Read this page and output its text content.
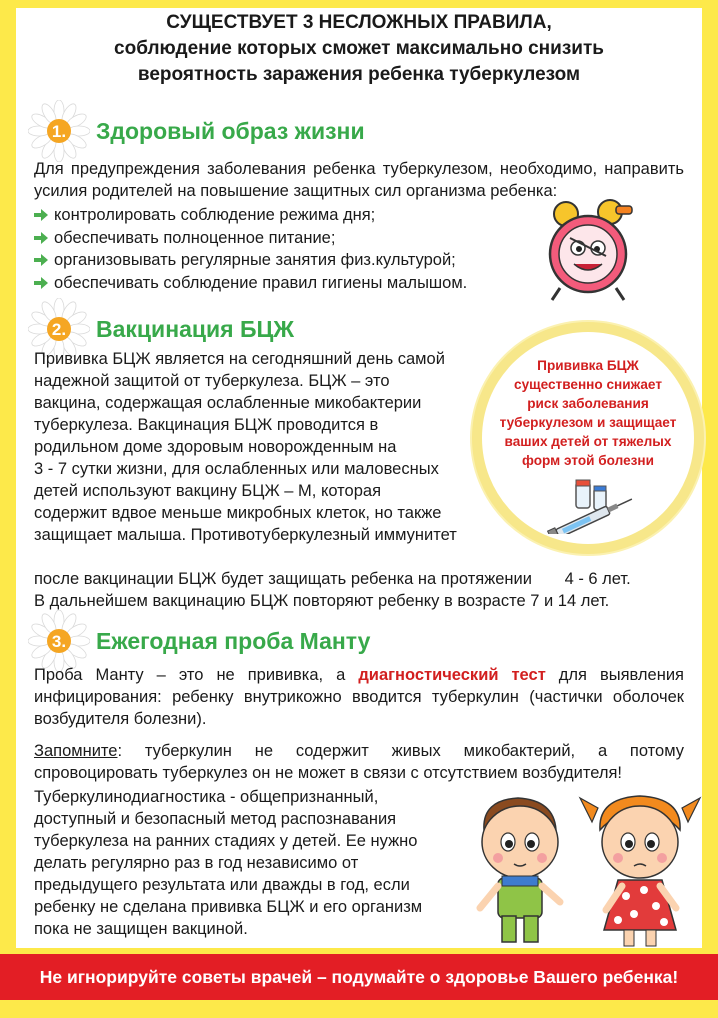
СУЩЕСТВУЕТ 3 НЕСЛОЖНЫХ ПРАВИЛА,
соблюдение которых сможет максимально снизить
вероятность заражения ребенка туберкулезом
1. Здоровый образ жизни
Для предупреждения заболевания ребенка туберкулезом, необходимо, направить усилия родителей на повышение защитных сил организма ребенка:
контролировать соблюдение режима дня;
обеспечивать полноценное питание;
организовывать регулярные занятия физ.культурой;
обеспечивать соблюдение правил гигиены малышом.
2. Вакцинация БЦЖ
Прививка БЦЖ является на сегодняшний день самой
надежной защитой от туберкулеза. БЦЖ – это
вакцина, содержащая ослабленные микобактерии
туберкулеза. Вакцинация БЦЖ проводится в
родильном доме здоровым новорожденным на
3 - 7 сутки жизни, для ослабленных или маловесных
детей используют вакцину БЦЖ – М, которая
содержит вдвое меньше микробных клеток, но также
защищает малыша. Противотуберкулезный иммунитет
после вакцинации БЦЖ будет защищать ребенка на протяжении 4 - 6 лет.
В дальнейшем вакцинацию БЦЖ повторяют ребенку в возрасте 7 и 14 лет.
Прививка БЦЖ
существенно снижает
риск заболевания
туберкулезом и защищает
ваших детей от тяжелых
форм этой болезни
3. Ежегодная проба Манту
Проба Манту – это не прививка, а диагностический тест для выявления инфицирования: ребенку внутрикожно вводится туберкулин (частички оболочек возбудителя болезни).
Запомните: туберкулин не содержит живых микобактерий, а потому спровоцировать туберкулез он не может в связи с отсутствием возбудителя!
Туберкулинодиагностика - общепризнанный,
доступный и безопасный метод распознавания
туберкулеза на ранних стадиях у детей. Ее нужно
делать регулярно раз в год независимо от
предыдущего результата или дважды в год, если
ребенку не сделана прививка БЦЖ и его организм
пока не защищен вакциной.
Не игнорируйте советы врачей – подумайте о здоровье Вашего ребенка!
